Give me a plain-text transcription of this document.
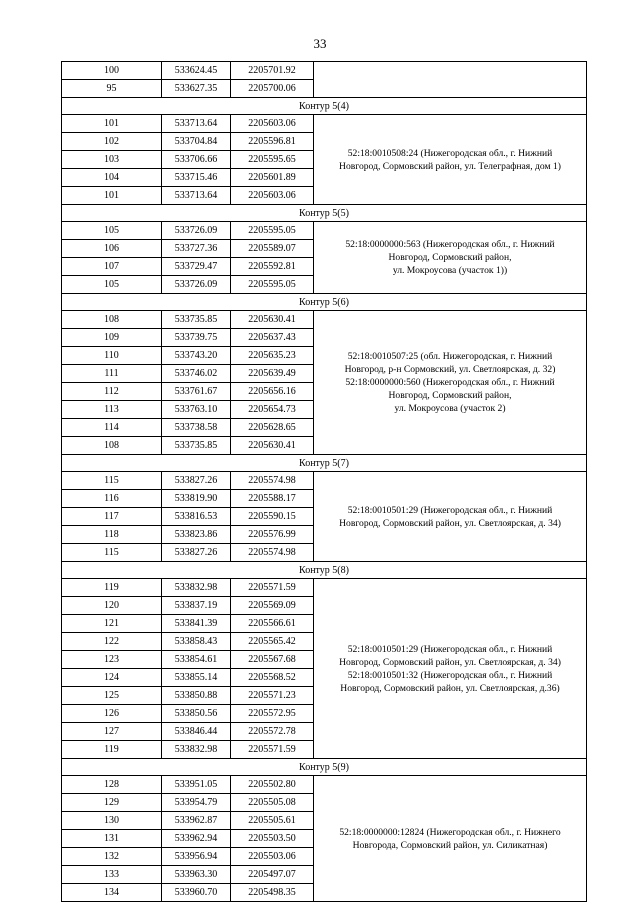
33
100	533624.45	2205701.92	
95	533627.35	2205700.06	
Контур 5(4)			
101	533713.64	2205603.06	52:18:0010508:24 (Нижегородская обл., г. Нижний
Новгород, Сормовский район, ул. Телеграфная, дом 1)

102	533704.84	2205596.81	
103	533706.66	2205595.65	
104	533715.46	2205601.89	
101	533713.64	2205603.06	
Контур 5(5)			
105	533726.09	2205595.05	52:18:0000000:563 (Нижегородская обл., г. Нижний
Новгород, Сормовский район,
ул. Мокроусова (участок 1))

106	533727.36	2205589.07	
107	533729.47	2205592.81	
105	533726.09	2205595.05	
Контур 5(6)			
108	533735.85	2205630.41	52:18:0010507:25 (обл. Нижегородская, г. Нижний
Новгород, р-н Сормовский, ул. Светлоярская, д. 32)
52:18:0000000:560 (Нижегородская обл., г. Нижний
Новгород, Сормовский район,
ул. Мокроусова (участок 2)

109	533739.75	2205637.43	
110	533743.20	2205635.23	
111	533746.02	2205639.49	
112	533761.67	2205656.16	
113	533763.10	2205654.73	
114	533738.58	2205628.65	
108	533735.85	2205630.41	
Контур 5(7)			
115	533827.26	2205574.98	52:18:0010501:29 (Нижегородская обл., г. Нижний
Новгород, Сормовский район, ул. Светлоярская, д. 34)

116	533819.90	2205588.17	
117	533816.53	2205590.15	
118	533823.86	2205576.99	
115	533827.26	2205574.98	
Контур 5(8)			
119	533832.98	2205571.59	52:18:0010501:29 (Нижегородская обл., г. Нижний
Новгород, Сормовский район, ул. Светлоярская, д. 34)
52:18:0010501:32 (Нижегородская обл., г. Нижний
Новгород, Сормовский район, ул. Светлоярская, д.36)

120	533837.19	2205569.09	
121	533841.39	2205566.61	
122	533858.43	2205565.42	
123	533854.61	2205567.68	
124	533855.14	2205568.52	
125	533850.88	2205571.23	
126	533850.56	2205572.95	
127	533846.44	2205572.78	
119	533832.98	2205571.59	
Контур 5(9)			
128	533951.05	2205502.80	52:18:0000000:12824 (Нижегородская обл., г. Нижнего
Новгорода, Сормовский район, ул. Силикатная)

129	533954.79	2205505.08	
130	533962.87	2205505.61	
131	533962.94	2205503.50	
132	533956.94	2205503.06	
133	533963.30	2205497.07	
134	533960.70	2205498.35	
